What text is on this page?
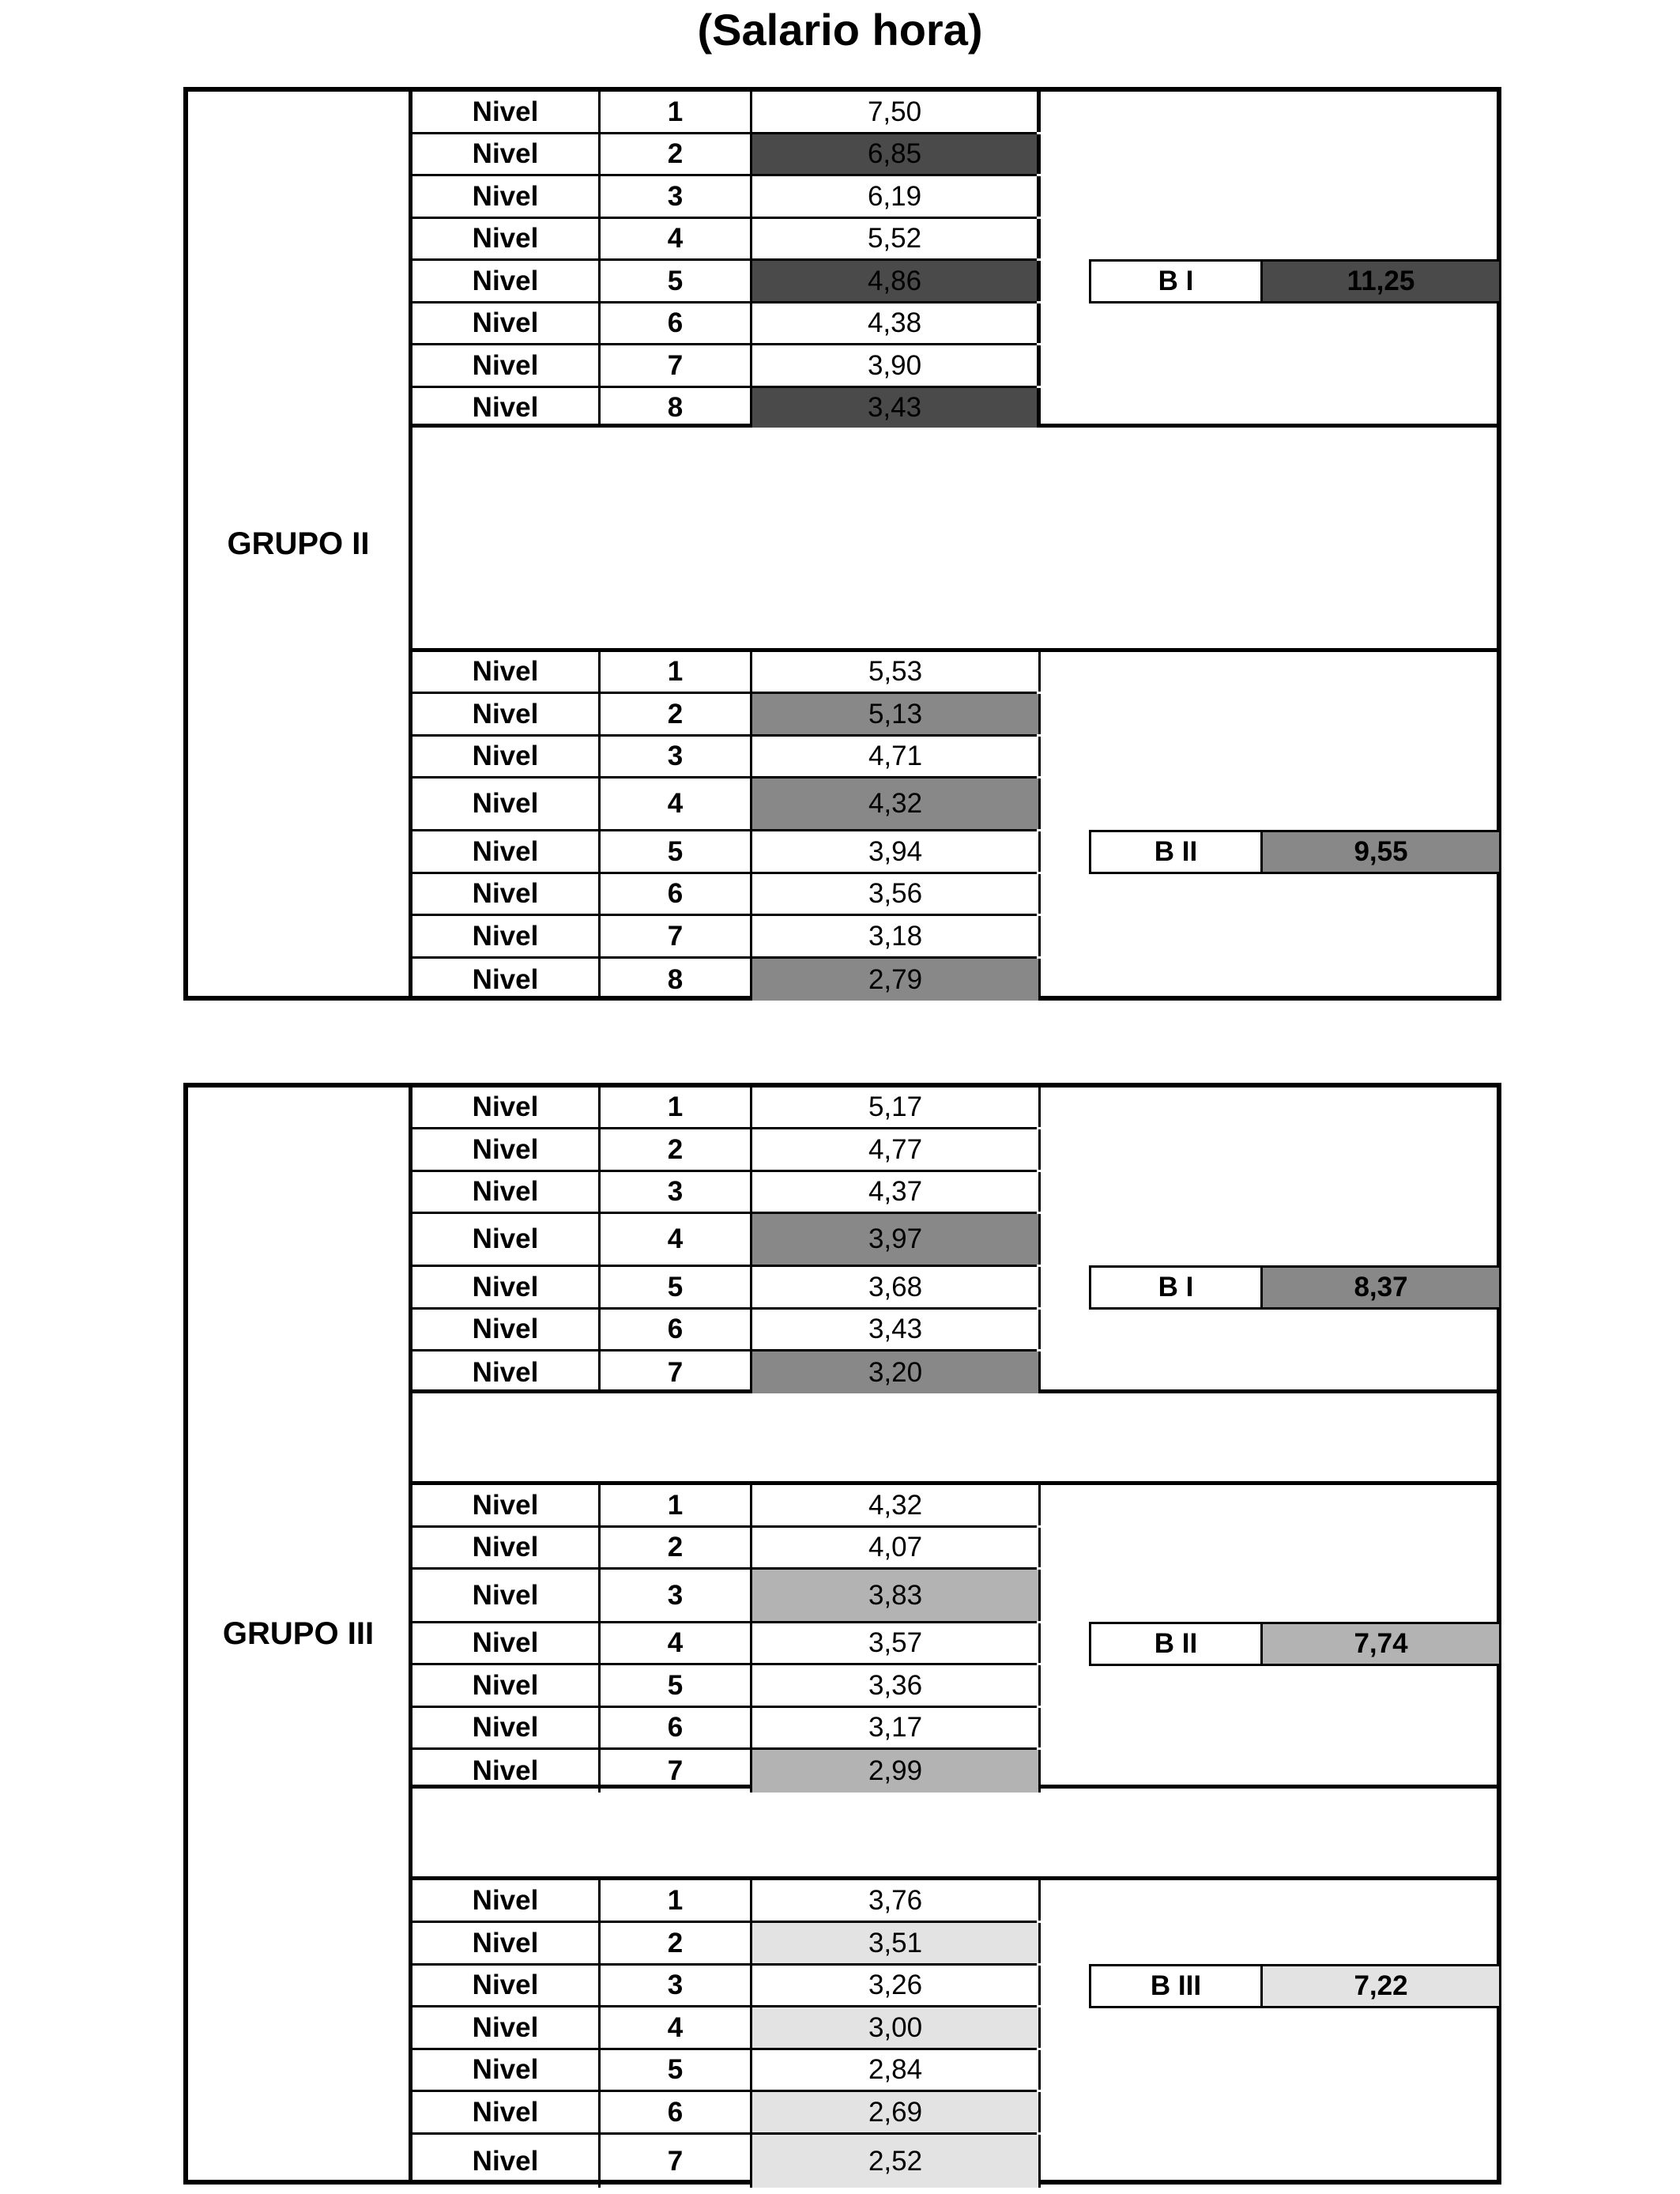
(Salario hora)
GRUPO II
Nivel	1	7,50
Nivel	2	6,85
Nivel	3	6,19
Nivel	4	5,52
Nivel	5	4,86
Nivel	6	4,38
Nivel	7	3,90
Nivel	8	3,43
B I	11,25
Nivel	1	5,53
Nivel	2	5,13
Nivel	3	4,71
Nivel	4	4,32
Nivel	5	3,94
Nivel	6	3,56
Nivel	7	3,18
Nivel	8	2,79
B II	9,55
GRUPO III
Nivel	1	5,17
Nivel	2	4,77
Nivel	3	4,37
Nivel	4	3,97
Nivel	5	3,68
Nivel	6	3,43
Nivel	7	3,20
B I	8,37
Nivel	1	4,32
Nivel	2	4,07
Nivel	3	3,83
Nivel	4	3,57
Nivel	5	3,36
Nivel	6	3,17
Nivel	7	2,99
B II	7,74
Nivel	1	3,76
Nivel	2	3,51
Nivel	3	3,26
Nivel	4	3,00
Nivel	5	2,84
Nivel	6	2,69
Nivel	7	2,52
B III	7,22
